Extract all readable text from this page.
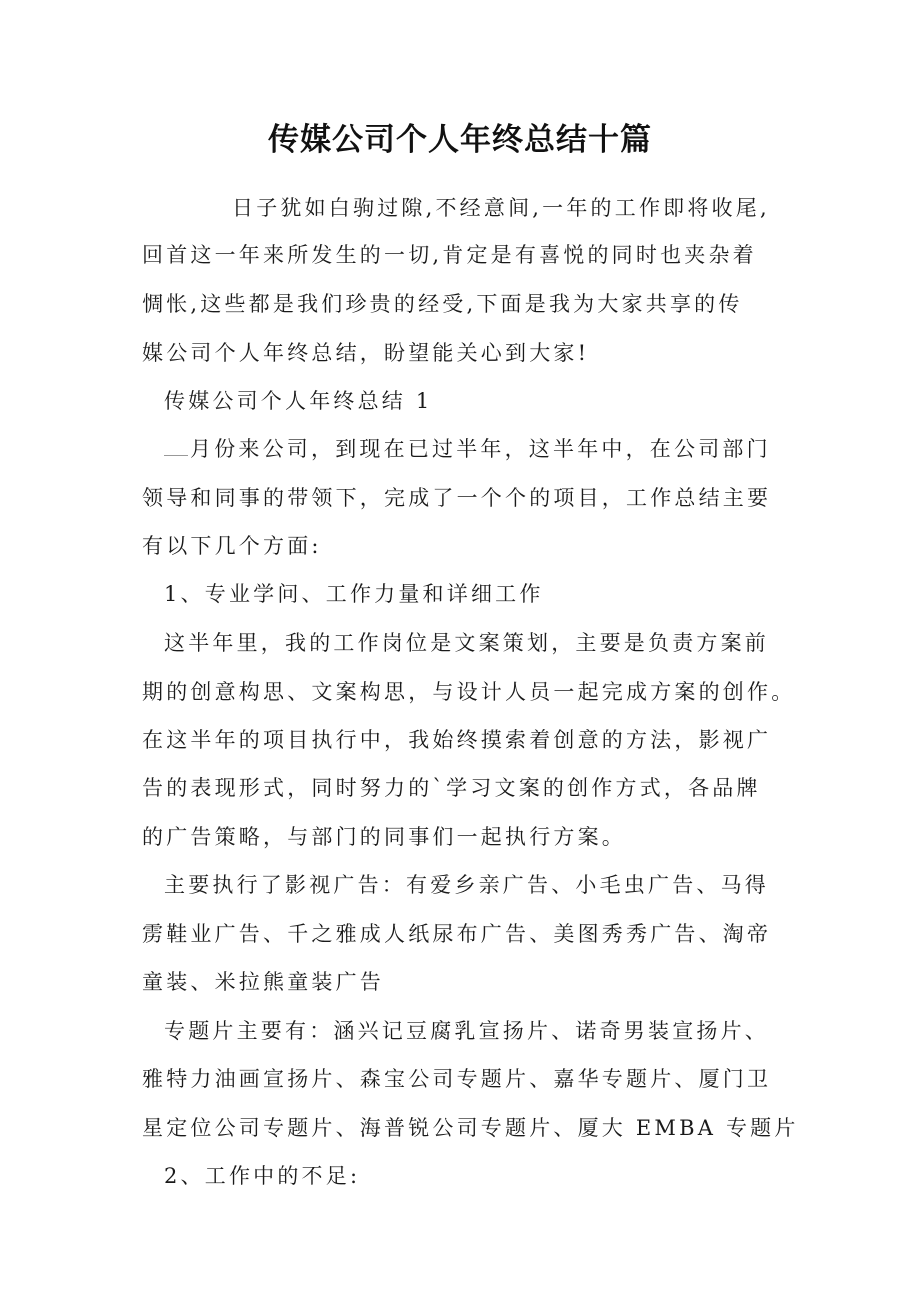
传媒公司个人年终总结十篇
日子犹如白驹过隙,不经意间,一年的工作即将收尾,
回首这一年来所发生的一切,肯定是有喜悦的同时也夹杂着
惆怅,这些都是我们珍贵的经受,下面是我为大家共享的传
媒公司个人年终总结，盼望能关心到大家!
传媒公司个人年终总结 1
月份来公司，到现在已过半年，这半年中，在公司部门
领导和同事的带领下，完成了一个个的项目，工作总结主要
有以下几个方面:
1、专业学问、工作力量和详细工作
这半年里，我的工作岗位是文案策划，主要是负责方案前
期的创意构思、文案构思，与设计人员一起完成方案的创作。
在这半年的项目执行中，我始终摸索着创意的方法，影视广
告的表现形式，同时努力的`学习文案的创作方式，各品牌
的广告策略，与部门的同事们一起执行方案。
主要执行了影视广告：有爱乡亲广告、小毛虫广告、马得
雳鞋业广告、千之雅成人纸尿布广告、美图秀秀广告、淘帝
童装、米拉熊童装广告
专题片主要有：涵兴记豆腐乳宣扬片、诺奇男装宣扬片、
雅特力油画宣扬片、森宝公司专题片、嘉华专题片、厦门卫
星定位公司专题片、海普锐公司专题片、厦大 EMBA 专题片
2、工作中的不足:
